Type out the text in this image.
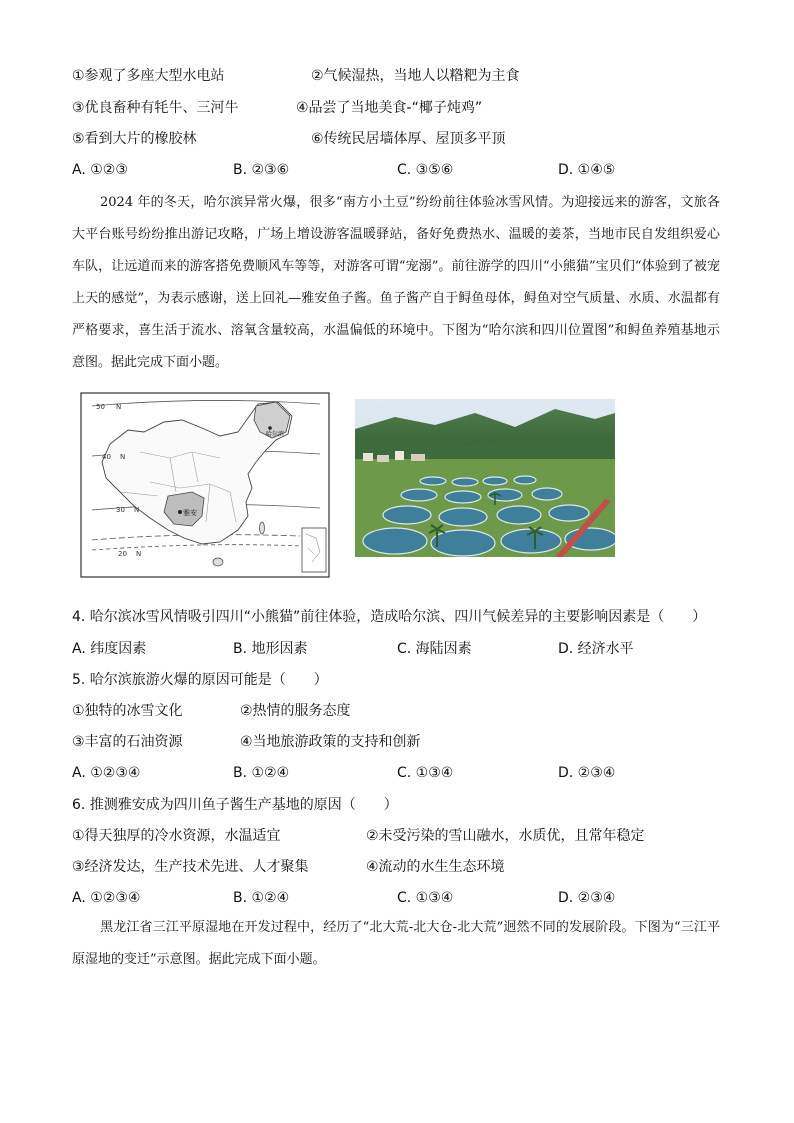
①参观了多座大型水电站	②气候湿热，当地人以糌粑为主食
③优良畜种有牦牛、三河牛	④品尝了当地美食-“椰子炖鸡”
⑤看到大片的橡胶林	⑥传统民居墙体厚、屋顶多平顶
A. ①②③	B. ②③⑥	C. ③⑤⑥	D. ①④⑤
2024 年的冬天，哈尔滨异常火爆，很多“南方小土豆”纷纷前往体验冰雪风情。为迎接远来的游客，文旅各大平台账号纷纷推出游记攻略，广场上增设游客温暖驿站，备好免费热水、温暖的姜茶，当地市民自发组织爱心车队，让远道而来的游客搭免费顺风车等等，对游客可谓“宠溺”。前往游学的四川“小熊猫”宝贝们“体验到了被宠上天的感觉”，为表示感谢，送上回礼—雅安鱼子酱。鱼子酱产自于鲟鱼母体，鲟鱼对空气质量、水质、水温都有严格要求，喜生活于流水、溶氧含量较高，水温偏低的环境中。下图为“哈尔滨和四川位置图”和鲟鱼养殖基地示意图。据此完成下面小题。
50 N
40 N
30 N
20 N
哈尔滨
雅安
4. 哈尔滨冰雪风情吸引四川“小熊猫”前往体验，造成哈尔滨、四川气候差异的主要影响因素是（　　）
A. 纬度因素	B. 地形因素	C. 海陆因素	D. 经济水平
5. 哈尔滨旅游火爆的原因可能是（　　）
①独特的冰雪文化	②热情的服务态度
③丰富的石油资源	④当地旅游政策的支持和创新
A. ①②③④	B. ①②④	C. ①③④	D. ②③④
6. 推测雅安成为四川鱼子酱生产基地的原因（　　）
①得天独厚的冷水资源，水温适宜	②未受污染的雪山融水，水质优，且常年稳定
③经济发达，生产技术先进、人才聚集	④流动的水生生态环境
A. ①②③④	B. ①②④	C. ①③④	D. ②③④
黑龙江省三江平原湿地在开发过程中，经历了“北大荒-北大仓-北大荒”迥然不同的发展阶段。下图为“三江平原湿地的变迁”示意图。据此完成下面小题。
